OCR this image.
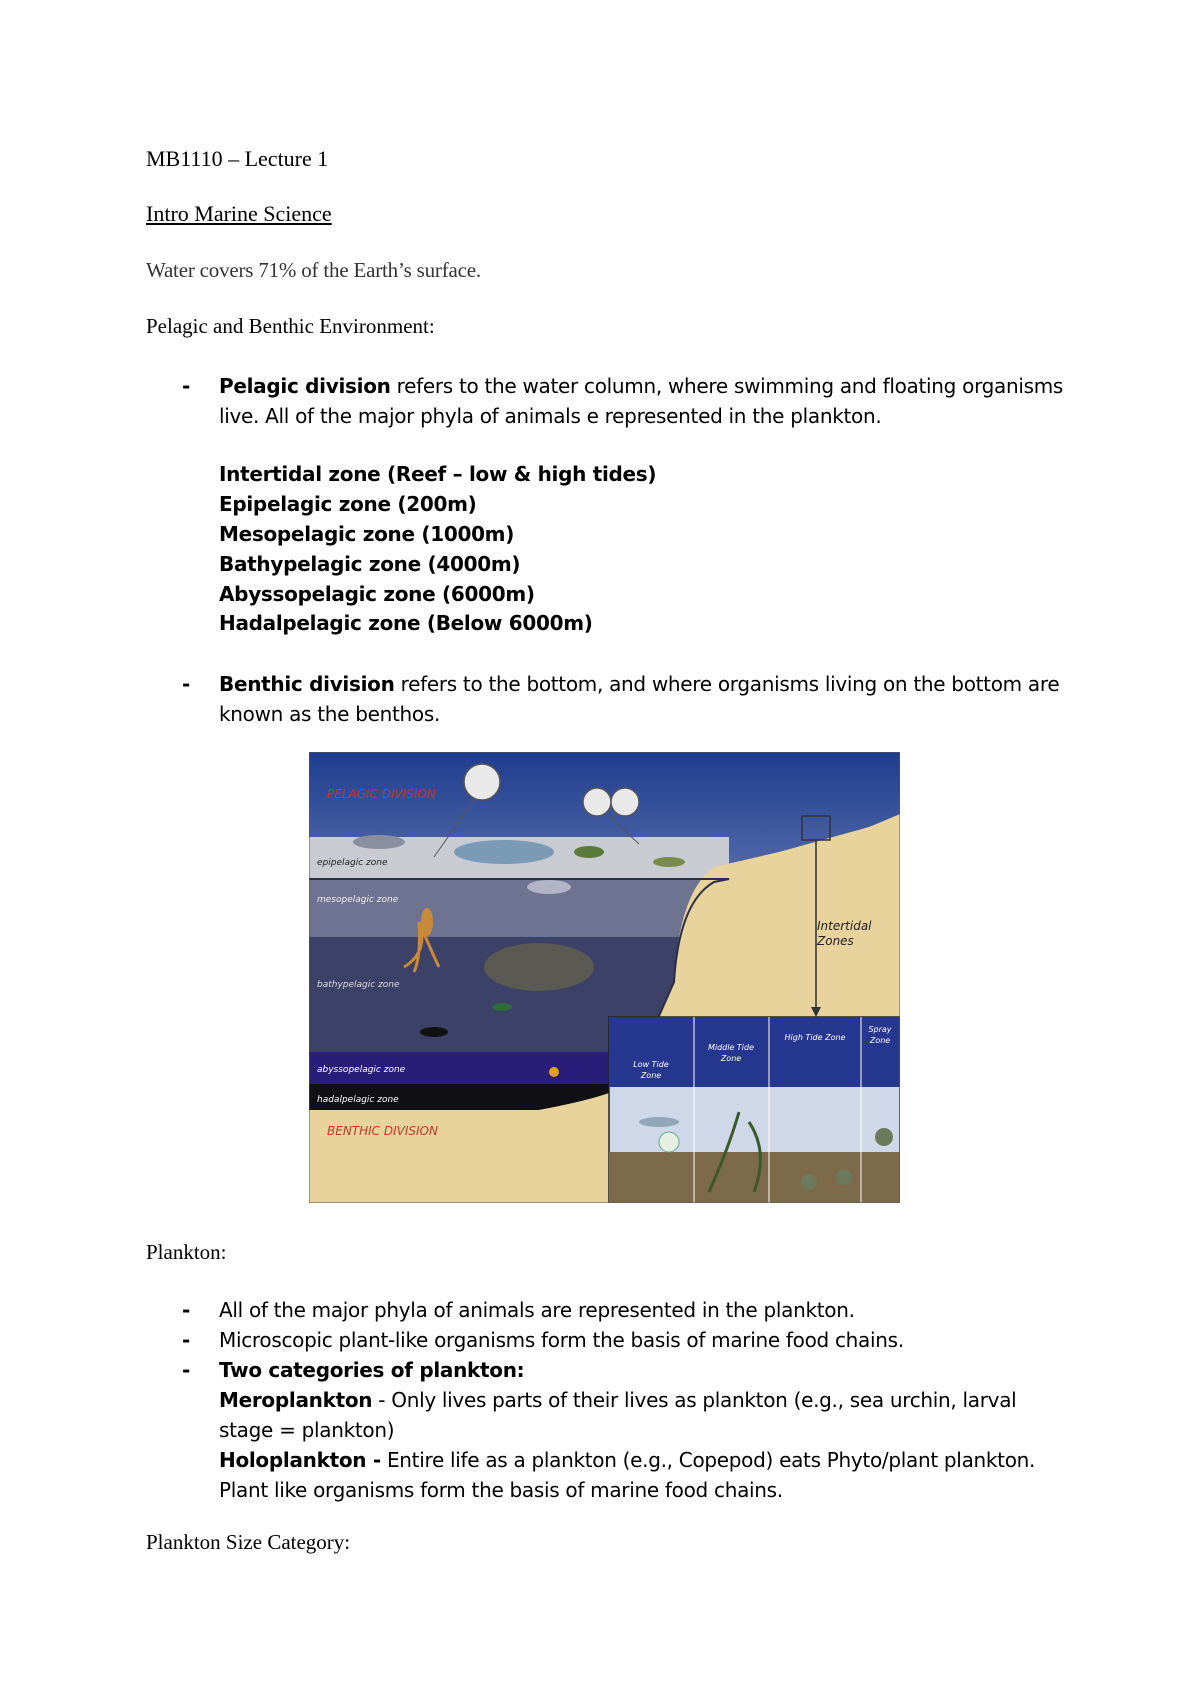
MB1110 – Lecture 1
Intro Marine Science
Water covers 71% of the Earth’s surface.
Pelagic and Benthic Environment:
- Pelagic division refers to the water column, where swimming and floating organisms
live. All of the major phyla of animals e represented in the plankton.
Intertidal zone (Reef – low & high tides)
Epipelagic zone (200m)
Mesopelagic zone (1000m)
Bathypelagic zone (4000m)
Abyssopelagic zone (6000m)
Hadalpelagic zone (Below 6000m)
- Benthic division refers to the bottom, and where organisms living on the bottom are
known as the benthos.
PELAGIC DIVISION
BENTHIC DIVISION
epipelagic zone
mesopelagic zone
bathypelagic zone
abyssopelagic zone
hadalpelagic zone
Intertidal
Zones
Low Tide
Zone
Middle Tide
Zone
High Tide Zone
Spray
Zone
Plankton:
- All of the major phyla of animals are represented in the plankton.
- Microscopic plant-like organisms form the basis of marine food chains.
- Two categories of plankton:
Meroplankton - Only lives parts of their lives as plankton (e.g., sea urchin, larval
stage = plankton)
Holoplankton - Entire life as a plankton (e.g., Copepod) eats Phyto/plant plankton.
Plant like organisms form the basis of marine food chains.
Plankton Size Category:
